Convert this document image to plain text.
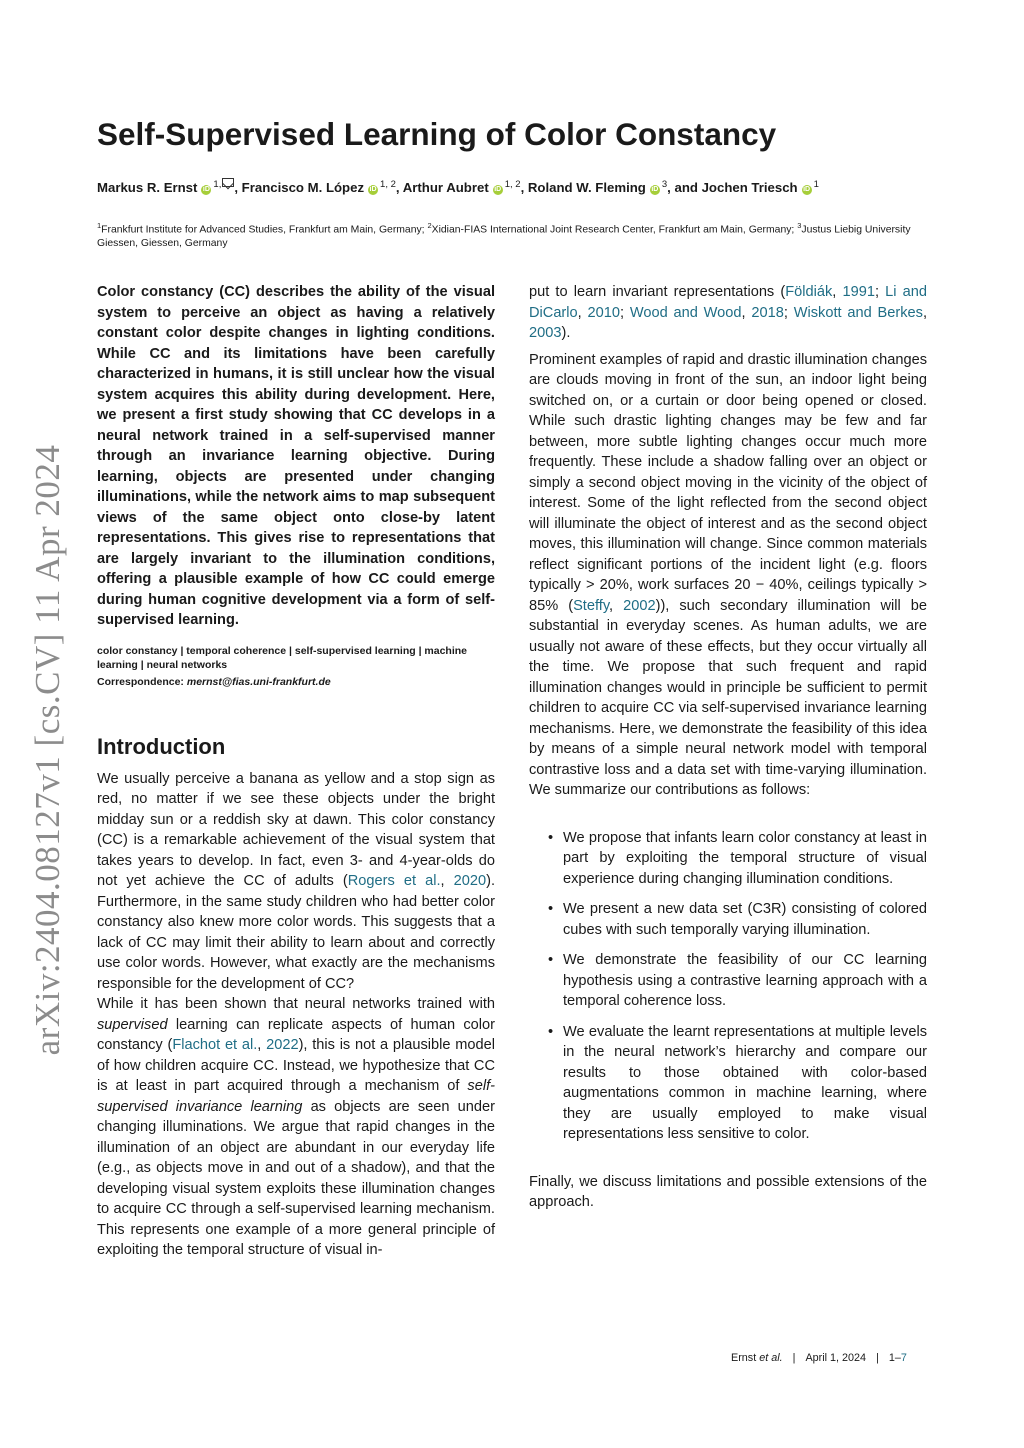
arXiv:2404.08127v1 [cs.CV] 11 Apr 2024
Self-Supervised Learning of Color Constancy
Markus R. Ernst iD $^{1,}$ , Francisco M. López iD $^{1, 2}$, Arthur Aubret iD $^{1, 2}$, Roland W. Fleming iD $^3$, and Jochen Triesch iD $^1$
$^1$Frankfurt Institute for Advanced Studies, Frankfurt am Main, Germany; $^2$Xidian-FIAS International Joint Research Center, Frankfurt am Main, Germany; $^3$Justus Liebig University Giessen, Giessen, Germany

Color constancy (CC) describes the ability of the visual system to perceive an object as having a relatively constant color despite changes in lighting conditions. While CC and its limitations have been carefully characterized in humans, it is still unclear how the visual system acquires this ability during development. Here, we present a first study showing that CC develops in a neural network trained in a self-supervised manner through an invariance learning objective. During learning, objects are presented under changing illuminations, while the network aims to map subsequent views of the same object onto close-by latent representations. This gives rise to representations that are largely invariant to the illumination conditions, offering a plausible example of how CC could emerge during human cognitive development via a form of self-supervised learning.

color constancy | temporal coherence | self-supervised learning | machine learning | neural networks
Correspondence: mernst@fias.uni-frankfurt.de
Introduction

We usually perceive a banana as yellow and a stop sign as red, no matter if we see these objects under the bright midday sun or a reddish sky at dawn. This color constancy (CC) is a remarkable achievement of the visual system that takes years to develop. In fact, even 3- and 4-year-olds do not yet achieve the CC of adults (Rogers et al., 2020). Furthermore, in the same study children who had better color constancy also knew more color words. This suggests that a lack of CC may limit their ability to learn about and correctly use color words. However, what exactly are the mechanisms responsible for the development of CC?

While it has been shown that neural networks trained with supervised learning can replicate aspects of human color constancy (Flachot et al., 2022), this is not a plausible model of how children acquire CC. Instead, we hypothesize that CC is at least in part acquired through a mechanism of self-supervised invariance learning as objects are seen under changing illuminations. We argue that rapid changes in the illumination of an object are abundant in our everyday life (e.g., as objects move in and out of a shadow), and that the developing visual system exploits these illumination changes to acquire CC through a self-supervised learning mechanism. This represents one example of a more general principle of exploiting the temporal structure of visual in-

put to learn invariant representations (Földiák, 1991; Li and DiCarlo, 2010; Wood and Wood, 2018; Wiskott and Berkes, 2003).

Prominent examples of rapid and drastic illumination changes are clouds moving in front of the sun, an indoor light being switched on, or a curtain or door being opened or closed. While such drastic lighting changes may be few and far between, more subtle lighting changes occur much more frequently. These include a shadow falling over an object or simply a second object moving in the vicinity of the object of interest. Some of the light reflected from the second object will illuminate the object of interest and as the second object moves, this illumination will change. Since common materials reflect significant portions of the incident light (e.g. floors typically > 20%, work surfaces 20 − 40%, ceilings typically > 85% (Steffy, 2002)), such secondary illumination will be substantial in everyday scenes. As human adults, we are usually not aware of these effects, but they occur virtually all the time. We propose that such frequent and rapid illumination changes would in principle be sufficient to permit children to acquire CC via self-supervised invariance learning mechanisms. Here, we demonstrate the feasibility of this idea by means of a simple neural network model with temporal contrastive loss and a data set with time-varying illumination. We summarize our contributions as follows:

• We propose that infants learn color constancy at least in part by exploiting the temporal structure of visual experience during changing illumination conditions.
• We present a new data set (C3R) consisting of colored cubes with such temporally varying illumination.
• We demonstrate the feasibility of our CC learning hypothesis using a contrastive learning approach with a temporal coherence loss.
• We evaluate the learnt representations at multiple levels in the neural network’s hierarchy and compare our results to those obtained with color-based augmentations common in machine learning, where they are usually employed to make visual representations less sensitive to color.

Finally, we discuss limitations and possible extensions of the approach.

Ernst et al. | April 1, 2024 | 1–7
